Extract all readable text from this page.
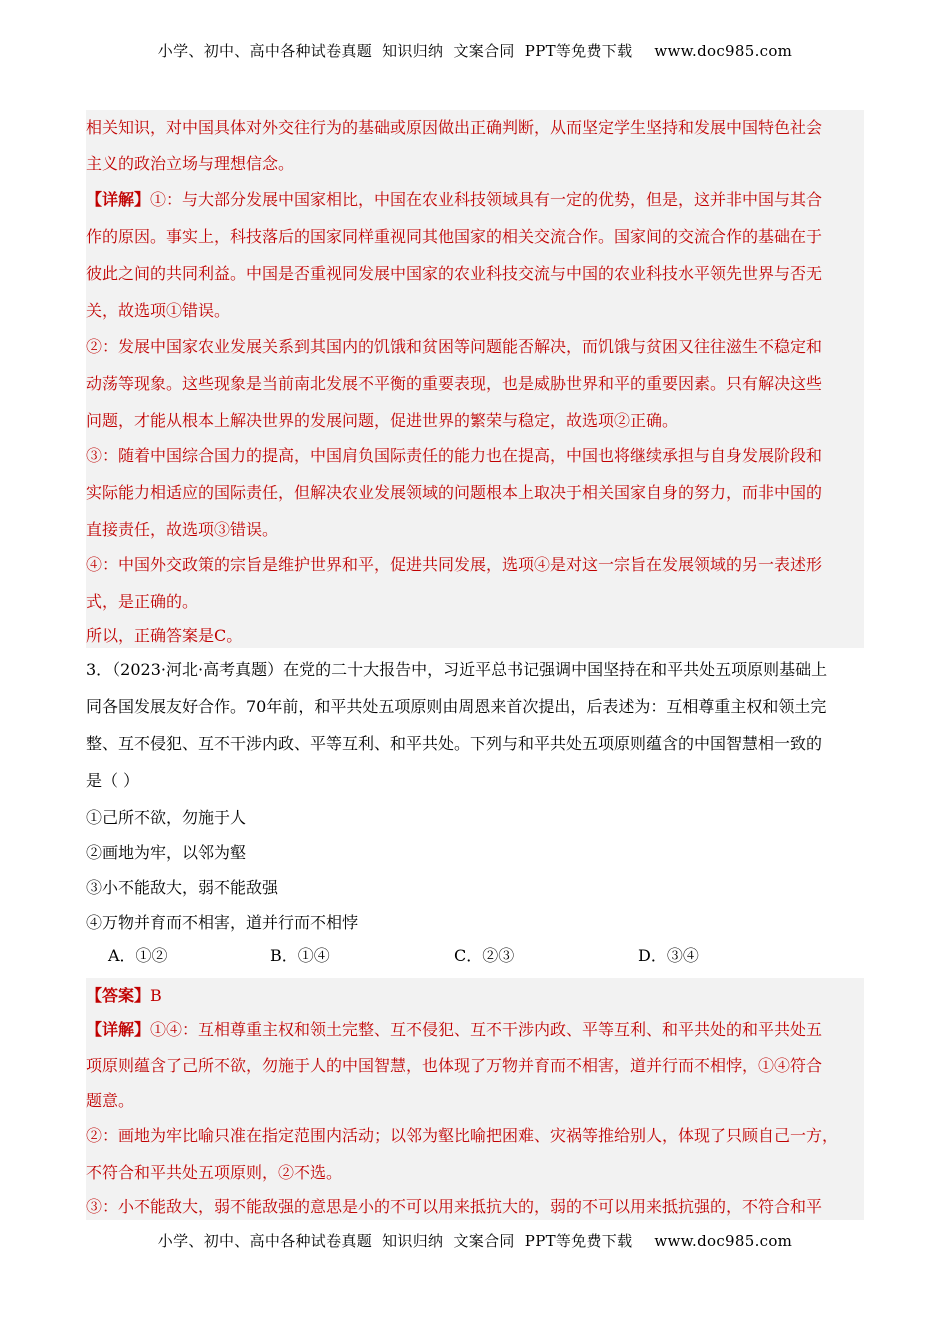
小学、初中、高中各种试卷真题  知识归纳  文案合同  PPT等免费下载 www.doc985.com
相关知识，对中国具体对外交往行为的基础或原因做出正确判断，从而坚定学生坚持和发展中国特色社会
主义的政治立场与理想信念。
【详解】①：与大部分发展中国家相比，中国在农业科技领域具有一定的优势，但是，这并非中国与其合
作的原因。事实上，科技落后的国家同样重视同其他国家的相关交流合作。国家间的交流合作的基础在于
彼此之间的共同利益。中国是否重视同发展中国家的农业科技交流与中国的农业科技水平领先世界与否无
关，故选项①错误。
②：发展中国家农业发展关系到其国内的饥饿和贫困等问题能否解决，而饥饿与贫困又往往滋生不稳定和
动荡等现象。这些现象是当前南北发展不平衡的重要表现，也是威胁世界和平的重要因素。只有解决这些
问题，才能从根本上解决世界的发展问题，促进世界的繁荣与稳定，故选项②正确。
③：随着中国综合国力的提高，中国肩负国际责任的能力也在提高，中国也将继续承担与自身发展阶段和
实际能力相适应的国际责任，但解决农业发展领域的问题根本上取决于相关国家自身的努力，而非中国的
直接责任，故选项③错误。
④：中国外交政策的宗旨是维护世界和平，促进共同发展，选项④是对这一宗旨在发展领域的另一表述形
式，是正确的。
所以，正确答案是C。
3．（2023·河北·高考真题）在党的二十大报告中，习近平总书记强调中国坚持在和平共处五项原则基础上
同各国发展友好合作。70年前，和平共处五项原则由周恩来首次提出，后表述为：互相尊重主权和领土完
整、互不侵犯、互不干涉内政、平等互利、和平共处。下列与和平共处五项原则蕴含的中国智慧相一致的
是（ ）
①己所不欲，勿施于人
②画地为牢，以邻为壑
③小不能敌大，弱不能敌强
④万物并育而不相害，道并行而不相悖
A．①②	B．①④	C．②③	D．③④
【答案】B
【详解】①④：互相尊重主权和领土完整、互不侵犯、互不干涉内政、平等互利、和平共处的和平共处五
项原则蕴含了己所不欲，勿施于人的中国智慧，也体现了万物并育而不相害，道并行而不相悖，①④符合
题意。
②：画地为牢比喻只准在指定范围内活动；以邻为壑比喻把困难、灾祸等推给别人，体现了只顾自己一方，
不符合和平共处五项原则，②不选。
③：小不能敌大，弱不能敌强的意思是小的不可以用来抵抗大的，弱的不可以用来抵抗强的，不符合和平
小学、初中、高中各种试卷真题  知识归纳  文案合同  PPT等免费下载 www.doc985.com
